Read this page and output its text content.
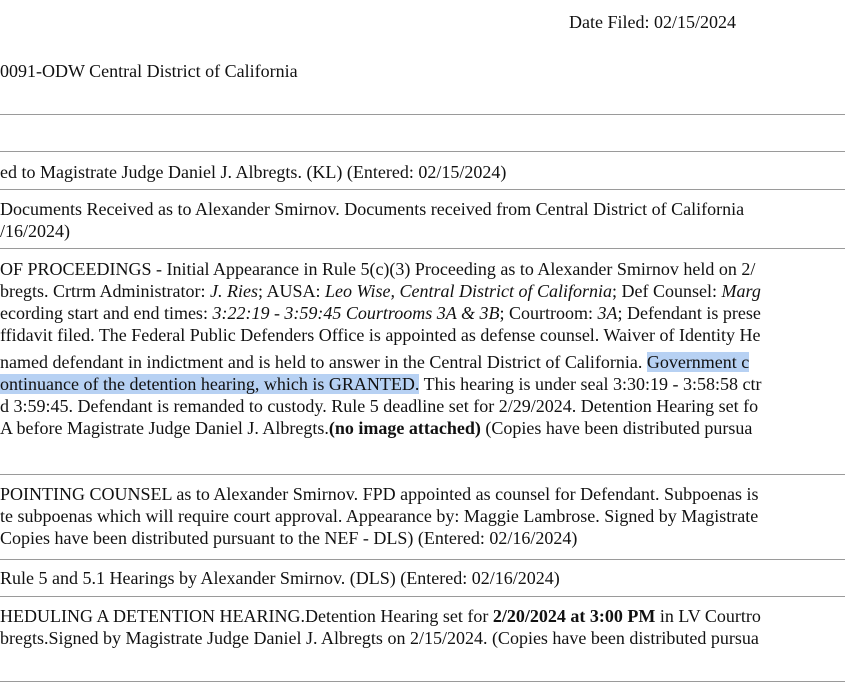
Date Filed: 02/15/2024
0091-ODW Central District of California
ed to Magistrate Judge Daniel J. Albregts. (KL) (Entered: 02/15/2024)
Documents Received as to Alexander Smirnov. Documents received from Central District of California
/16/2024)
OF PROCEEDINGS - Initial Appearance in Rule 5(c)(3) Proceeding as to Alexander Smirnov held on 2/
bregts. Crtrm Administrator: J. Ries; AUSA: Leo Wise, Central District of California; Def Counsel: Marg
ecording start and end times: 3:22:19 - 3:59:45 Courtrooms 3A & 3B; Courtroom: 3A; Defendant is prese
ffidavit filed. The Federal Public Defenders Office is appointed as defense counsel. Waiver of Identity He
named defendant in indictment and is held to answer in the Central District of California. Government c
ontinuance of the detention hearing, which is GRANTED. This hearing is under seal 3:30:19 - 3:58:58 ctr
d 3:59:45. Defendant is remanded to custody. Rule 5 deadline set for 2/29/2024. Detention Hearing set fo
A before Magistrate Judge Daniel J. Albregts.(no image attached) (Copies have been distributed pursua
POINTING COUNSEL as to Alexander Smirnov. FPD appointed as counsel for Defendant. Subpoenas is
te subpoenas which will require court approval. Appearance by: Maggie Lambrose. Signed by Magistrate
Copies have been distributed pursuant to the NEF - DLS) (Entered: 02/16/2024)
Rule 5 and 5.1 Hearings by Alexander Smirnov. (DLS) (Entered: 02/16/2024)
HEDULING A DETENTION HEARING.Detention Hearing set for 2/20/2024 at 3:00 PM in LV Courtro
bregts.Signed by Magistrate Judge Daniel J. Albregts on 2/15/2024. (Copies have been distributed pursua
